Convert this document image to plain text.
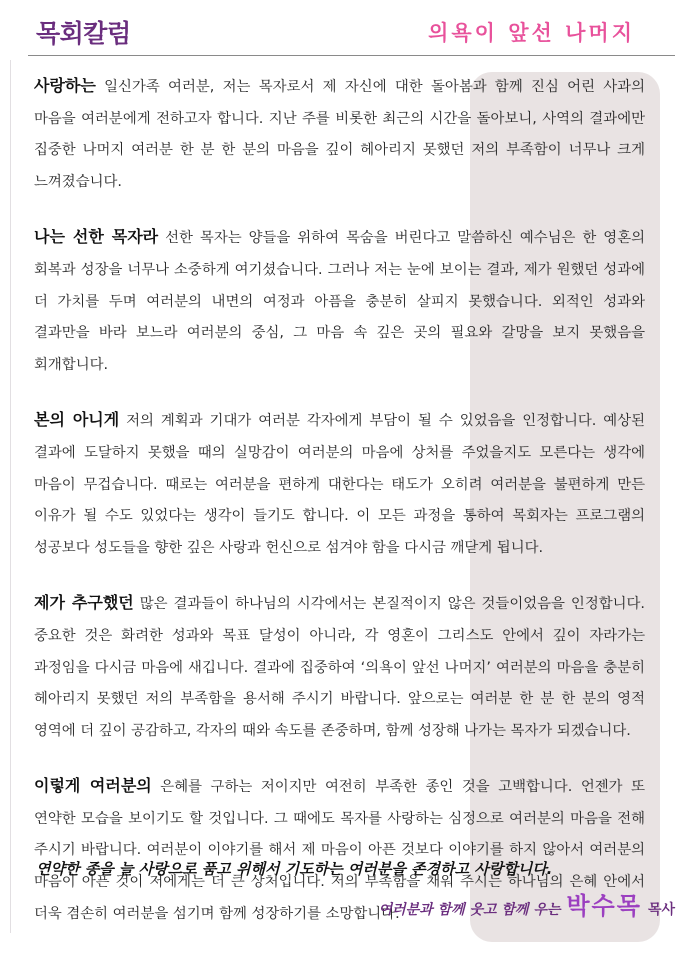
목회칼럼	의욕이 앞선 나머지

사랑하는 일신가족 여러분, 저는 목자로서 제 자신에 대한 돌아봄과 함께 진심 어린 사과의 마음을 여러분에게 전하고자 합니다. 지난 주를 비롯한 최근의 시간을 돌아보니, 사역의 결과에만 집중한 나머지 여러분 한 분 한 분의 마음을 깊이 헤아리지 못했던 저의 부족함이 너무나 크게 느껴졌습니다.

나는 선한 목자라 선한 목자는 양들을 위하여 목숨을 버린다고 말씀하신 예수님은 한 영혼의 회복과 성장을 너무나 소중하게 여기셨습니다. 그러나 저는 눈에 보이는 결과, 제가 원했던 성과에 더 가치를 두며 여러분의 내면의 여정과 아픔을 충분히 살피지 못했습니다. 외적인 성과와 결과만을 바라 보느라 여러분의 중심, 그 마음 속 깊은 곳의 필요와 갈망을 보지 못했음을 회개합니다.

본의 아니게 저의 계획과 기대가 여러분 각자에게 부담이 될 수 있었음을 인정합니다. 예상된 결과에 도달하지 못했을 때의 실망감이 여러분의 마음에 상처를 주었을지도 모른다는 생각에 마음이 무겁습니다. 때로는 여러분을 편하게 대한다는 태도가 오히려 여러분을 불편하게 만든 이유가 될 수도 있었다는 생각이 들기도 합니다. 이 모든 과정을 통하여 목회자는 프로그램의 성공보다 성도들을 향한 깊은 사랑과 헌신으로 섬겨야 함을 다시금 깨닫게 됩니다.

제가 추구했던 많은 결과들이 하나님의 시각에서는 본질적이지 않은 것들이었음을 인정합니다. 중요한 것은 화려한 성과와 목표 달성이 아니라, 각 영혼이 그리스도 안에서 깊이 자라가는 과정임을 다시금 마음에 새깁니다. 결과에 집중하여 ‘의욕이 앞선 나머지’ 여러분의 마음을 충분히 헤아리지 못했던 저의 부족함을 용서해 주시기 바랍니다. 앞으로는 여러분 한 분 한 분의 영적 영역에 더 깊이 공감하고, 각자의 때와 속도를 존중하며, 함께 성장해 나가는 목자가 되겠습니다.

이렇게 여러분의 은혜를 구하는 저이지만 여전히 부족한 종인 것을 고백합니다. 언젠가 또 연약한 모습을 보이기도 할 것입니다. 그 때에도 목자를 사랑하는 심정으로 여러분의 마음을 전해 주시기 바랍니다. 여러분이 이야기를 해서 제 마음이 아픈 것보다 이야기를 하지 않아서 여러분의 마음이 아픈 것이 저에게는 더 큰 상처입니다. 저의 부족함을 채워 주시는 하나님의 은혜 안에서 더욱 겸손히 여러분을 섬기며 함께 성장하기를 소망합니다.

연약한 종을 늘 사랑으로 품고 위해서 기도하는 여러분을 존경하고 사랑합니다.
여러분과 함께 웃고 함께 우는 박수목 목사
